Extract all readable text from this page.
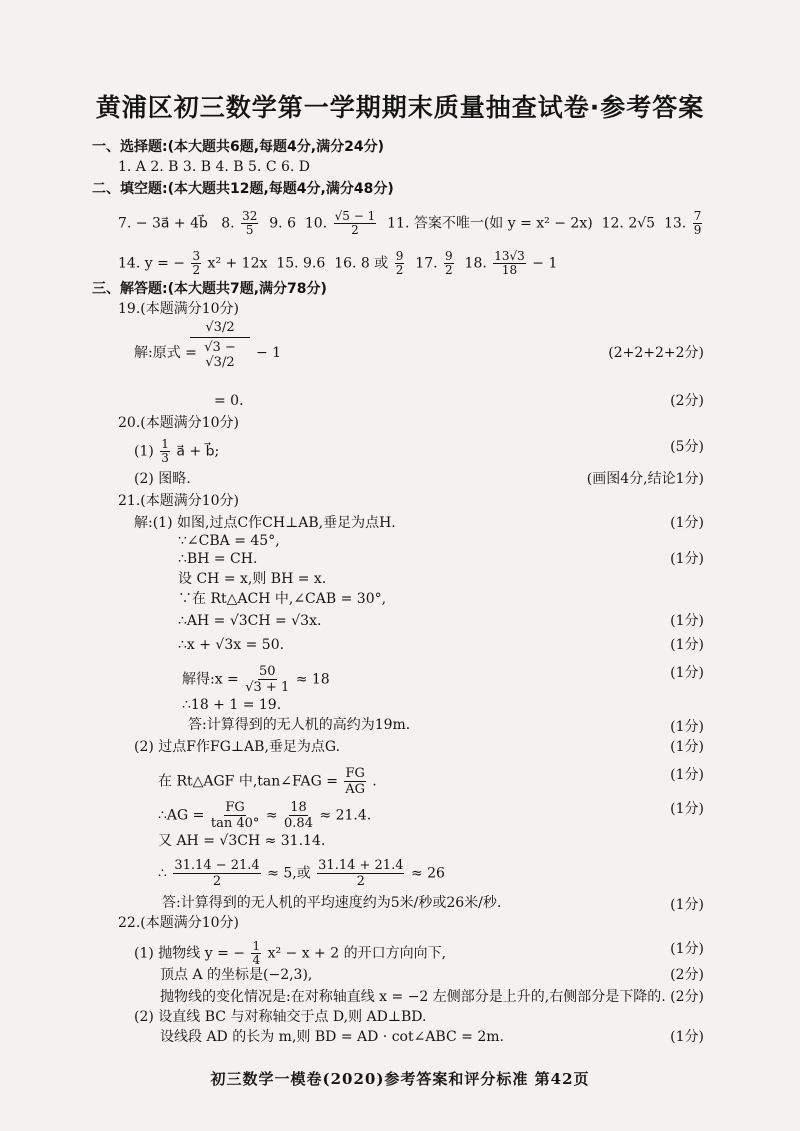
黄浦区初三数学第一学期期末质量抽查试卷·参考答案
一、选择题:(本大题共6题,每题4分,满分24分)
1. A 2. B 3. B 4. B 5. C 6. D
二、填空题:(本大题共12题,每题4分,满分48分)
7. − 3a⃗ + 4b⃗ 8. $\frac{32}{5} 9$. 6 10. $\frac{√5 - 1}{2} 11$. 答案不唯一(如 y = x² − 2x) 12. 2√5 13. $\frac{7}{9}$
14. y = − $\frac{3}{2} x^2 + 12x$ 15. 9.6 16. 8 或 $\frac{9}{2} 17$. $\frac{9}{2} 18$. $\frac{13√3}{18} - 1$
三、解答题:(本大题共7题,满分78分)
19.(本题满分10分)
解:原式 =
√3/2
√3 − √3/2
− 1	(2+2+2+2分)
= 0.	(2分)
20.(本题满分10分)
$(1) \frac{1}{3}$ a⃗ + b⃗;	(5分)
(2) 图略.	(画图4分,结论1分)
21.(本题满分10分)
解:(1) 如图,过点C作CH⊥AB,垂足为点H.	(1分)
∵∠CBA = 45°,
∴BH = CH.	(1分)
设 CH = x,则 BH = x.
∵在 Rt△ACH 中,∠CAB = 30°,
∴AH = √3CH = √3x.	(1分)
∴x + √3x = 50.	(1分)
解得:x = $\frac{50}{√3 + 1} \approx 18$	(1分)
∴18 + 1 = 19.
答:计算得到的无人机的高约为19m.	(1分)
(2) 过点F作FG⊥AB,垂足为点G.	(1分)
在 Rt△AGF 中,tan∠FAG = $\frac{FG}{AG}$ .	(1分)
∴AG = $\frac{FG}{\tan 40^\circ} \approx \frac{18}{0.84} \approx 21.4$.	(1分)
又 AH = √3CH ≈ 31.14.
∴ $\frac{31.14 - 21.4}{2} \approx 5$,或 $\frac{31.14 + 21.4}{2} \approx 26$
答:计算得到的无人机的平均速度约为5米/秒或26米/秒.	(1分)
22.(本题满分10分)
(1) 抛物线 y = − $\frac{1}{4} x^2 - x + 2$ 的开口方向向下,	(1分)
顶点 A 的坐标是(−2,3),	(2分)
抛物线的变化情况是:在对称轴直线 x = −2 左侧部分是上升的,右侧部分是下降的. (2分)
(2) 设直线 BC 与对称轴交于点 D,则 AD⊥BD.
设线段 AD 的长为 m,则 BD = AD · cot∠ABC = 2m.	(1分)
初三数学一模卷(2020)参考答案和评分标准 第42页
